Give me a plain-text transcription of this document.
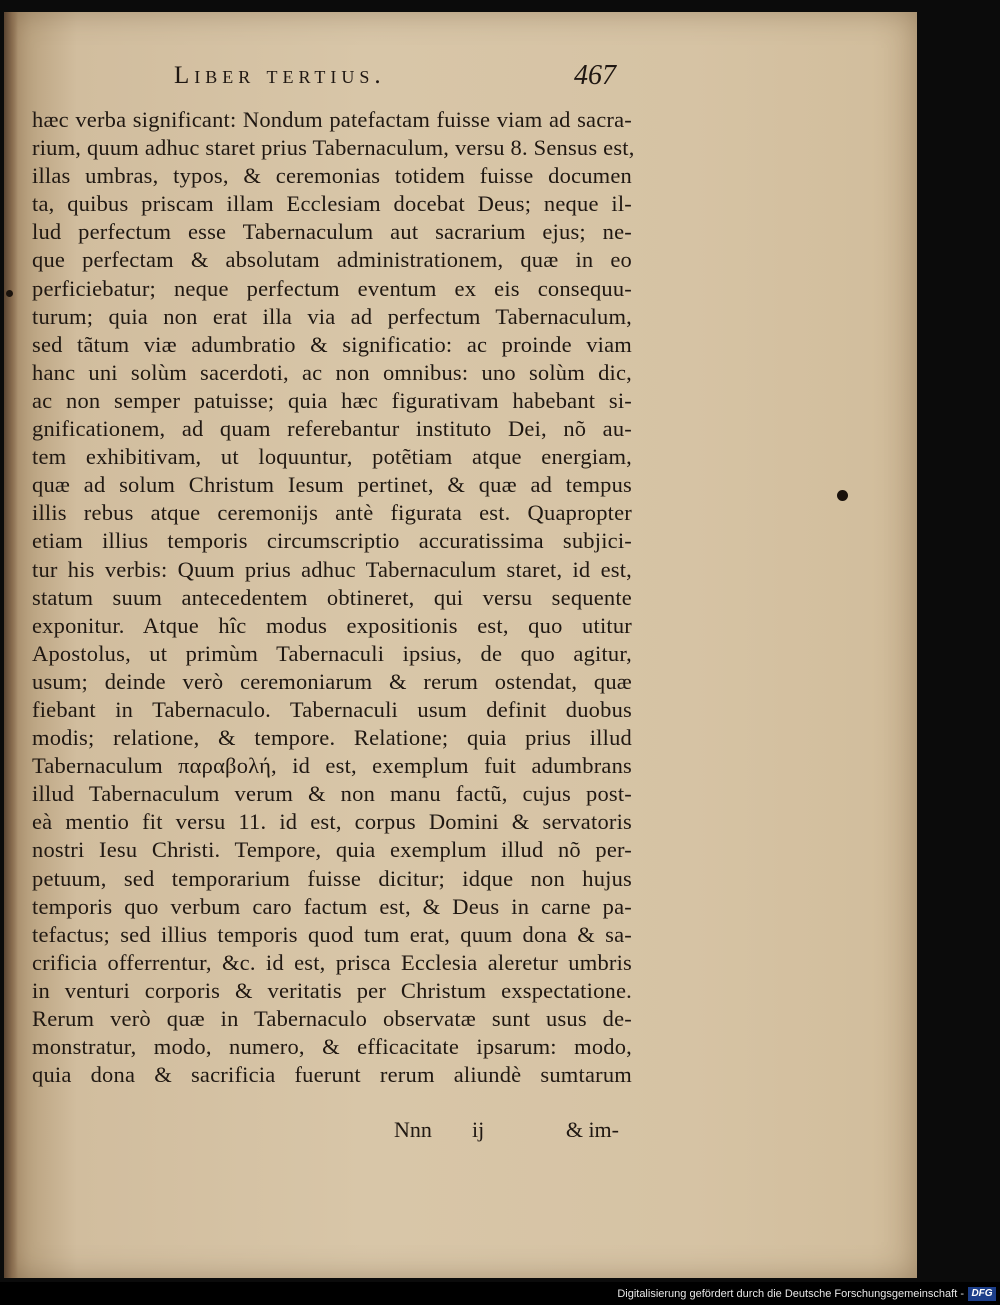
Liber tertius.	467
hæc verba significant: Nondum patefactam fuisse viam ad sacra-
rium, quum adhuc staret prius Tabernaculum, versu 8. Sensus est,
illas umbras, typos, & ceremonias totidem fuisse documen
ta, quibus priscam illam Ecclesiam docebat Deus; neque il-
lud perfectum esse Tabernaculum aut sacrarium ejus; ne-
que perfectam & absolutam administrationem, quæ in eo
perficiebatur; neque perfectum eventum ex eis consequu-
turum; quia non erat illa via ad perfectum Tabernaculum,
sed tãtum viæ adumbratio & significatio: ac proinde viam
hanc uni solùm sacerdoti, ac non omnibus: uno solùm dic,
ac non semper patuisse; quia hæc figurativam habebant si-
gnificationem, ad quam referebantur instituto Dei, nõ au-
tem exhibitivam, ut loquuntur, potẽtiam atque energiam,
quæ ad solum Christum Iesum pertinet, & quæ ad tempus
illis rebus atque ceremonijs antè figurata est. Quapropter
etiam illius temporis circumscriptio accuratissima subjici-
tur his verbis: Quum prius adhuc Tabernaculum staret, id est,
statum suum antecedentem obtineret, qui versu sequente
exponitur. Atque hîc modus expositionis est, quo utitur
Apostolus, ut primùm Tabernaculi ipsius, de quo agitur,
usum; deinde verò ceremoniarum & rerum ostendat, quæ
fiebant in Tabernaculo. Tabernaculi usum definit duobus
modis; relatione, & tempore. Relatione; quia prius illud
Tabernaculum παραβολή, id est, exemplum fuit adumbrans
illud Tabernaculum verum & non manu factũ, cujus post-
eà mentio fit versu 11. id est, corpus Domini & servatoris
nostri Iesu Christi. Tempore, quia exemplum illud nõ per-
petuum, sed temporarium fuisse dicitur; idque non hujus
temporis quo verbum caro factum est, & Deus in carne pa-
tefactus; sed illius temporis quod tum erat, quum dona & sa-
crificia offerrentur, &c. id est, prisca Ecclesia aleretur umbris
in venturi corporis & veritatis per Christum exspectatione.
Rerum verò quæ in Tabernaculo observatæ sunt usus de-
monstratur, modo, numero, & efficacitate ipsarum: modo,
quia dona & sacrificia fuerunt rerum aliundè sumtarum
Nnn ij	& im-
Digitalisierung gefördert durch die Deutsche Forschungsgemeinschaft - DFG
